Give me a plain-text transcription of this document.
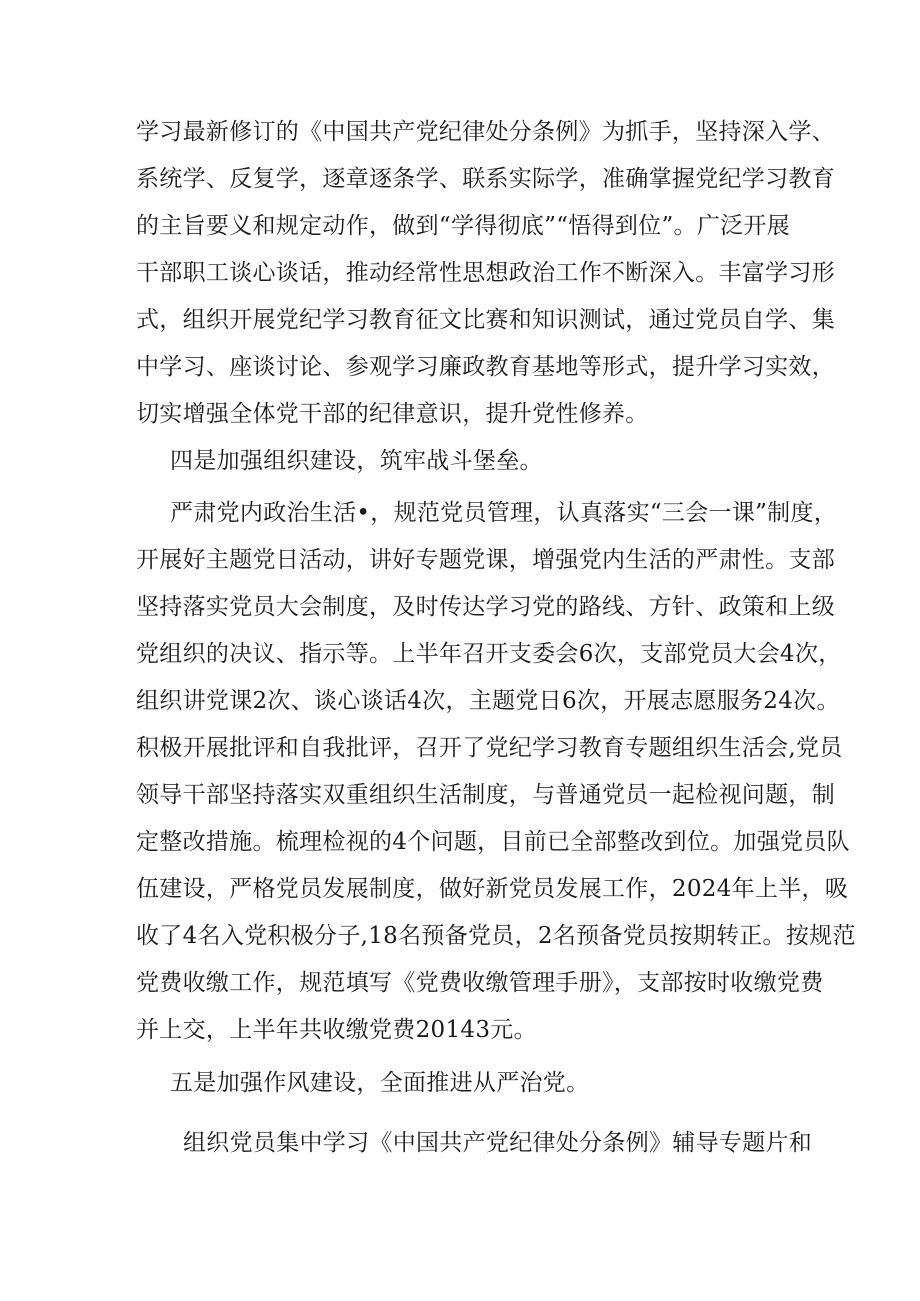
学习最新修订的《中国共产党纪律处分条例》为抓手，坚持深入学、
系统学、反复学，逐章逐条学、联系实际学，准确掌握党纪学习教育
的主旨要义和规定动作，做到“学得彻底”“悟得到位”。广泛开展
干部职工谈心谈话，推动经常性思想政治工作不断深入。丰富学习形
式，组织开展党纪学习教育征文比赛和知识测试，通过党员自学、集
中学习、座谈讨论、参观学习廉政教育基地等形式，提升学习实效，
切实增强全体党干部的纪律意识，提升党性修养。
四是加强组织建设，筑牢战斗堡垒。
严肃党内政治生活•，规范党员管理，认真落实“三会一课”制度，
开展好主题党日活动，讲好专题党课，增强党内生活的严肃性。支部
坚持落实党员大会制度，及时传达学习党的路线、方针、政策和上级
党组织的决议、指示等。上半年召开支委会6次，支部党员大会4次，
组织讲党课2次、谈心谈话4次，主题党日6次，开展志愿服务24次。
积极开展批评和自我批评，召开了党纪学习教育专题组织生活会,党员
领导干部坚持落实双重组织生活制度，与普通党员一起检视问题，制
定整改措施。梳理检视的4个问题，目前已全部整改到位。加强党员队
伍建设，严格党员发展制度，做好新党员发展工作，2024年上半，吸
收了4名入党积极分子,18名预备党员，2名预备党员按期转正。按规范
党费收缴工作，规范填写《党费收缴管理手册》，支部按时收缴党费
并上交，上半年共收缴党费20143元。
五是加强作风建设，全面推进从严治党。
组织党员集中学习《中国共产党纪律处分条例》辅导专题片和
